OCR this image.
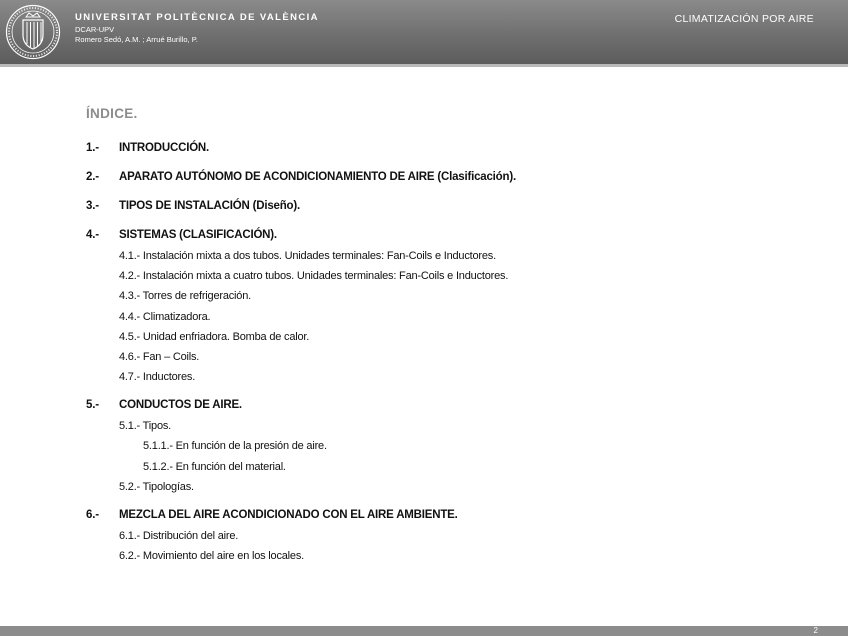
UNIVERSITAT POLITÈCNICA DE VALÈNCIA
DCAR-UPV
Romero Sedó, A.M. ; Arrué Burillo, P.
CLIMATIZACIÓN POR AIRE
ÍNDICE.
1.- INTRODUCCIÓN.
2.- APARATO AUTÓNOMO DE ACONDICIONAMIENTO DE AIRE (Clasificación).
3.- TIPOS DE INSTALACIÓN (Diseño).
4.- SISTEMAS (CLASIFICACIÓN).
4.1.- Instalación mixta a dos tubos. Unidades terminales: Fan-Coils e Inductores.
4.2.- Instalación mixta a cuatro tubos. Unidades terminales: Fan-Coils e Inductores.
4.3.- Torres de refrigeración.
4.4.- Climatizadora.
4.5.- Unidad enfriadora. Bomba de calor.
4.6.- Fan – Coils.
4.7.- Inductores.
5.- CONDUCTOS DE AIRE.
5.1.- Tipos.
5.1.1.- En función de la presión de aire.
5.1.2.- En función del material.
5.2.- Tipologías.
6.- MEZCLA DEL AIRE ACONDICIONADO CON EL AIRE AMBIENTE.
6.1.- Distribución del aire.
6.2.- Movimiento del aire en los locales.
2
